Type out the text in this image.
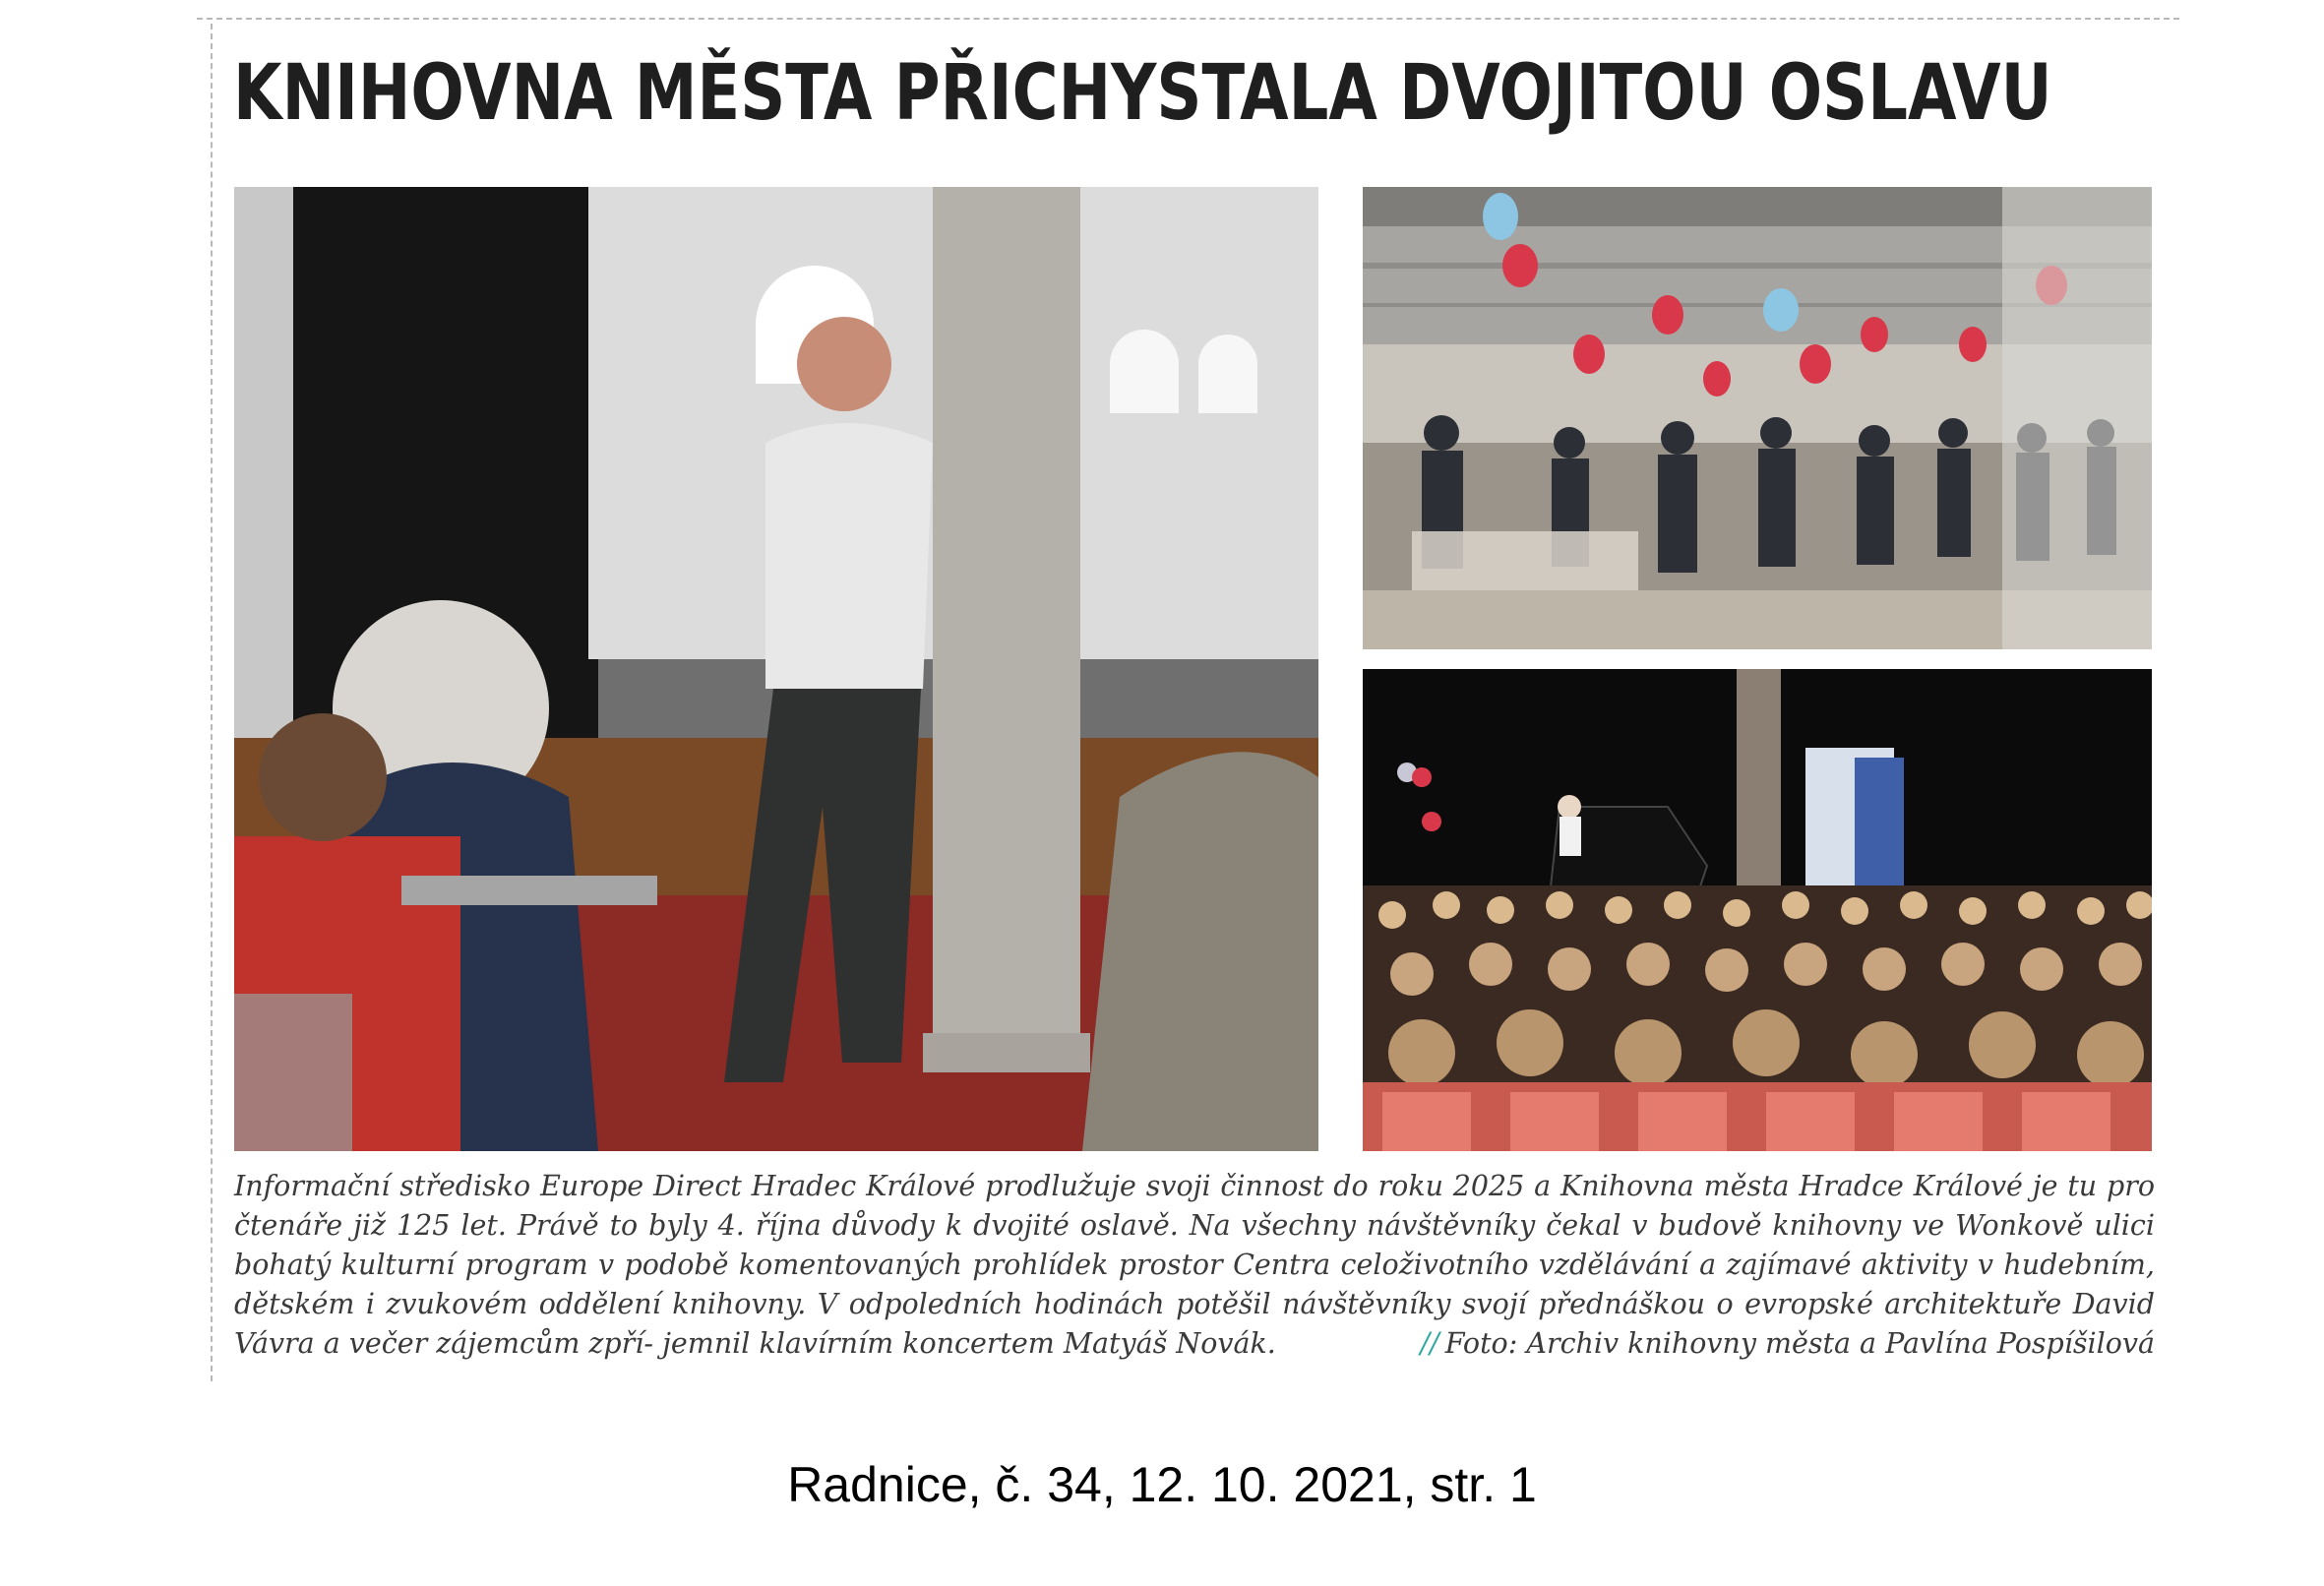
KNIHOVNA MĚSTA PŘICHYSTALA DVOJITOU OSLAVU

Informační středisko Europe Direct Hradec Králové prodlužuje svoji činnost do roku 2025 a Knihovna města Hradce Králové je tu pro čtenáře již 125 let. Právě to byly 4. října důvody k dvojité oslavě. Na všechny návštěvníky čekal v budově knihovny ve Wonkově ulici bohatý kulturní program v podobě komentovaných prohlídek prostor Centra celoživotního vzdělávání a zajímavé aktivity v hudebním, dětském i zvukovém oddělení knihovny. V odpoledních hodinách potěšil návštěvníky svojí přednáškou o evropské architektuře David Vávra a večer zájemcům zpří- jemnil klavírním koncertem Matyáš Novák.	// Foto: Archiv knihovny města a Pavlína Pospíšilová

Radnice, č. 34, 12. 10. 2021, str. 1
